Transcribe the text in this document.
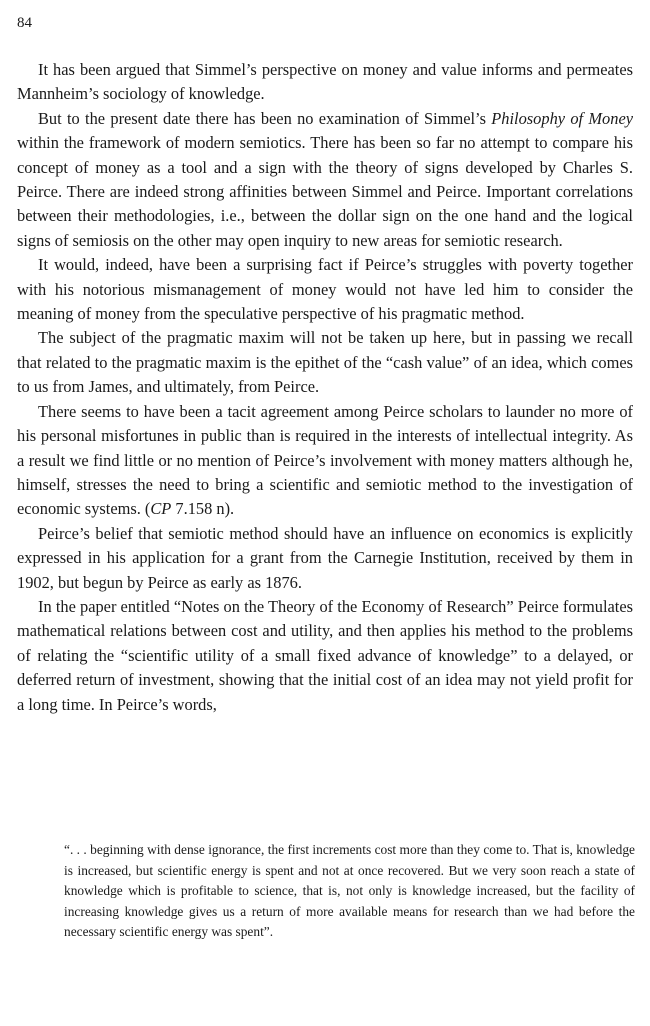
84

It has been argued that Simmel’s perspective on money and value informs and permeates Mannheim’s sociology of knowledge.

But to the present date there has been no examination of Simmel’s Philosophy of Money within the framework of modern semiotics. There has been so far no attempt to compare his concept of money as a tool and a sign with the theory of signs developed by Charles S. Peirce. There are indeed strong affinities between Simmel and Peirce. Important correlations between their methodologies, i.e., between the dollar sign on the one hand and the logical signs of semiosis on the other may open inquiry to new areas for semiotic research.

It would, indeed, have been a surprising fact if Peirce’s struggles with poverty together with his notorious mismanagement of money would not have led him to consider the meaning of money from the speculative perspective of his pragmatic method.

The subject of the pragmatic maxim will not be taken up here, but in passing we recall that related to the pragmatic maxim is the epithet of the “cash value” of an idea, which comes to us from James, and ultimately, from Peirce.

There seems to have been a tacit agreement among Peirce scholars to launder no more of his personal misfortunes in public than is required in the interests of intellectual integrity. As a result we find little or no mention of Peirce’s involvement with money matters although he, himself, stresses the need to bring a scientific and semiotic method to the investigation of economic systems. (CP 7.158 n).

Peirce’s belief that semiotic method should have an influence on economics is explicitly expressed in his application for a grant from the Carnegie Institution, received by them in 1902, but begun by Peirce as early as 1876.

In the paper entitled “Notes on the Theory of the Economy of Research” Peirce formulates mathematical relations between cost and utility, and then applies his method to the problems of relating the “scientific utility of a small fixed advance of knowledge” to a delayed, or deferred return of investment, showing that the initial cost of an idea may not yield profit for a long time. In Peirce’s words,

“. . . beginning with dense ignorance, the first increments cost more than they come to. That is, knowledge is increased, but scientific energy is spent and not at once recovered. But we very soon reach a state of knowledge which is profitable to science, that is, not only is knowledge increased, but the facility of increasing knowledge gives us a return of more available means for research than we had before the necessary scientific energy was spent”.
